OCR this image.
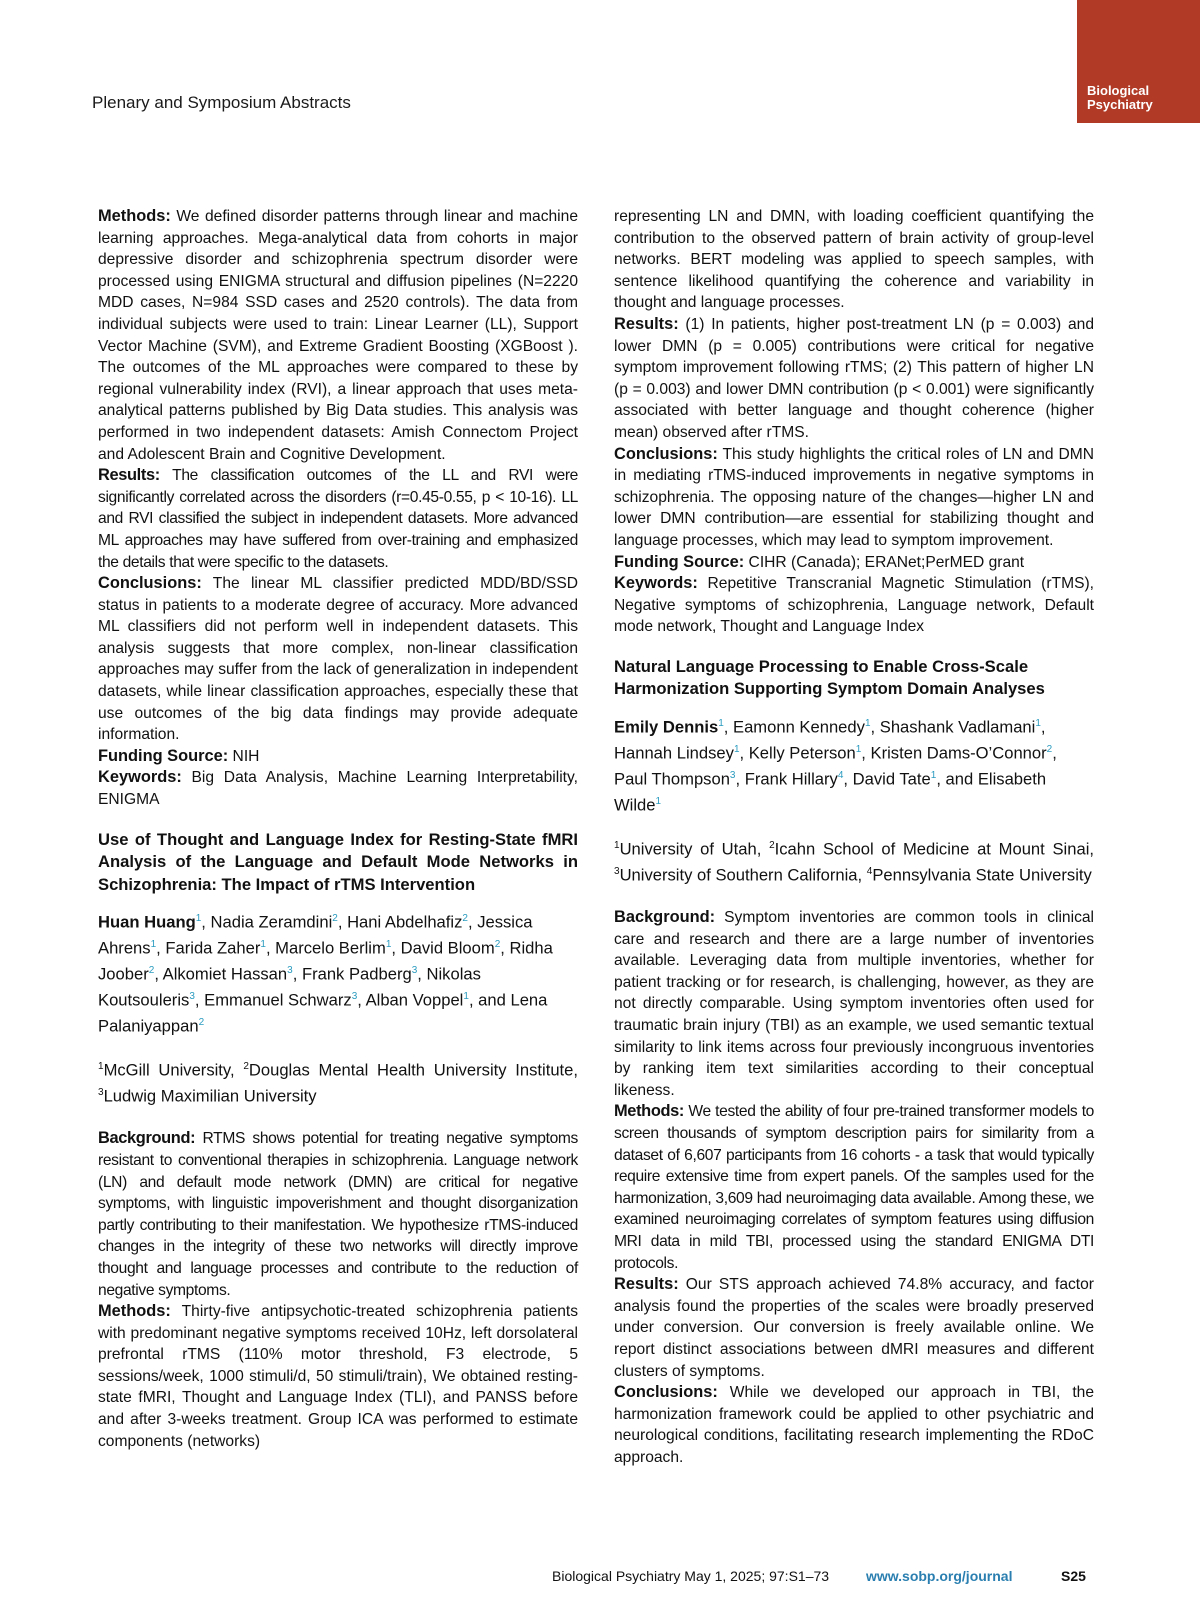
Plenary and Symposium Abstracts
Biological
Psychiatry

Methods: We defined disorder patterns through linear and machine learning approaches. Mega-analytical data from cohorts in major depressive disorder and schizophrenia spectrum disorder were processed using ENIGMA structural and diffusion pipelines (N=2220 MDD cases, N=984 SSD cases and 2520 controls). The data from individual subjects were used to train: Linear Learner (LL), Support Vector Machine (SVM), and Extreme Gradient Boosting (XGBoost ). The outcomes of the ML approaches were compared to these by regional vulnerability index (RVI), a linear approach that uses meta-analytical patterns published by Big Data studies. This analysis was performed in two independent datasets: Amish Connectom Project and Adolescent Brain and Cognitive Development.

Results: The classification outcomes of the LL and RVI were significantly correlated across the disorders (r=0.45-0.55, p < 10-16). LL and RVI classified the subject in independent datasets. More advanced ML approaches may have suffered from over-training and emphasized the details that were specific to the datasets.

Conclusions: The linear ML classifier predicted MDD/BD/SSD status in patients to a moderate degree of accuracy. More advanced ML classifiers did not perform well in independent datasets. This analysis suggests that more complex, non-linear classification approaches may suffer from the lack of generalization in independent datasets, while linear classification approaches, especially these that use outcomes of the big data findings may provide adequate information.

Funding Source: NIH

Keywords: Big Data Analysis, Machine Learning Interpretability, ENIGMA

Use of Thought and Language Index for Resting-State fMRI Analysis of the Language and Default Mode Networks in Schizophrenia: The Impact of rTMS Intervention
Huan Huang$^1$, Nadia Zeramdini$^2$, Hani Abdelhafiz$^2$, Jessica Ahrens$^1$, Farida Zaher$^1$, Marcelo Berlim$^1$, David Bloom$^2$, Ridha Joober$^2$, Alkomiet Hassan$^3$, Frank Padberg$^3$, Nikolas Koutsouleris$^3$, Emmanuel Schwarz$^3$, Alban Voppel$^1$, and Lena Palaniyappan$^2$
$^1$McGill University, $^2$Douglas Mental Health University Institute, $^3$Ludwig Maximilian University

Background: RTMS shows potential for treating negative symptoms resistant to conventional therapies in schizophrenia. Language network (LN) and default mode network (DMN) are critical for negative symptoms, with linguistic impoverishment and thought disorganization partly contributing to their manifestation. We hypothesize rTMS-induced changes in the integrity of these two networks will directly improve thought and language processes and contribute to the reduction of negative symptoms.

Methods: Thirty-five antipsychotic-treated schizophrenia patients with predominant negative symptoms received 10Hz, left dorsolateral prefrontal rTMS (110% motor threshold, F3 electrode, 5 sessions/week, 1000 stimuli/d, 50 stimuli/train), We obtained resting-state fMRI, Thought and Language Index (TLI), and PANSS before and after 3-weeks treatment. Group ICA was performed to estimate components (networks)

representing LN and DMN, with loading coefficient quantifying the contribution to the observed pattern of brain activity of group-level networks. BERT modeling was applied to speech samples, with sentence likelihood quantifying the coherence and variability in thought and language processes.

Results: (1) In patients, higher post-treatment LN (p = 0.003) and lower DMN (p = 0.005) contributions were critical for negative symptom improvement following rTMS; (2) This pattern of higher LN (p = 0.003) and lower DMN contribution (p < 0.001) were significantly associated with better language and thought coherence (higher mean) observed after rTMS.

Conclusions: This study highlights the critical roles of LN and DMN in mediating rTMS-induced improvements in negative symptoms in schizophrenia. The opposing nature of the changes—higher LN and lower DMN contribution—are essential for stabilizing thought and language processes, which may lead to symptom improvement.

Funding Source: CIHR (Canada); ERANet;PerMED grant

Keywords: Repetitive Transcranial Magnetic Stimulation (rTMS), Negative symptoms of schizophrenia, Language network, Default mode network, Thought and Language Index

Natural Language Processing to Enable Cross-Scale Harmonization Supporting Symptom Domain Analyses
Emily Dennis$^1$, Eamonn Kennedy$^1$, Shashank Vadlamani$^1$, Hannah Lindsey$^1$, Kelly Peterson$^1$, Kristen Dams-O’Connor$^2$, Paul Thompson$^3$, Frank Hillary$^4$, David Tate$^1$, and Elisabeth Wilde$^1$
$^1$University of Utah, $^2$Icahn School of Medicine at Mount Sinai, $^3$University of Southern California, $^4$Pennsylvania State University

Background: Symptom inventories are common tools in clinical care and research and there are a large number of inventories available. Leveraging data from multiple inventories, whether for patient tracking or for research, is challenging, however, as they are not directly comparable. Using symptom inventories often used for traumatic brain injury (TBI) as an example, we used semantic textual similarity to link items across four previously incongruous inventories by ranking item text similarities according to their conceptual likeness.

Methods: We tested the ability of four pre-trained transformer models to screen thousands of symptom description pairs for similarity from a dataset of 6,607 participants from 16 cohorts - a task that would typically require extensive time from expert panels. Of the samples used for the harmonization, 3,609 had neuroimaging data available. Among these, we examined neuroimaging correlates of symptom features using diffusion MRI data in mild TBI, processed using the standard ENIGMA DTI protocols.

Results: Our STS approach achieved 74.8% accuracy, and factor analysis found the properties of the scales were broadly preserved under conversion. Our conversion is freely available online. We report distinct associations between dMRI measures and different clusters of symptoms.

Conclusions: While we developed our approach in TBI, the harmonization framework could be applied to other psychiatric and neurological conditions, facilitating research implementing the RDoC approach.

Biological Psychiatry May 1, 2025; 97:S1–73	www.sobp.org/journal	S25
